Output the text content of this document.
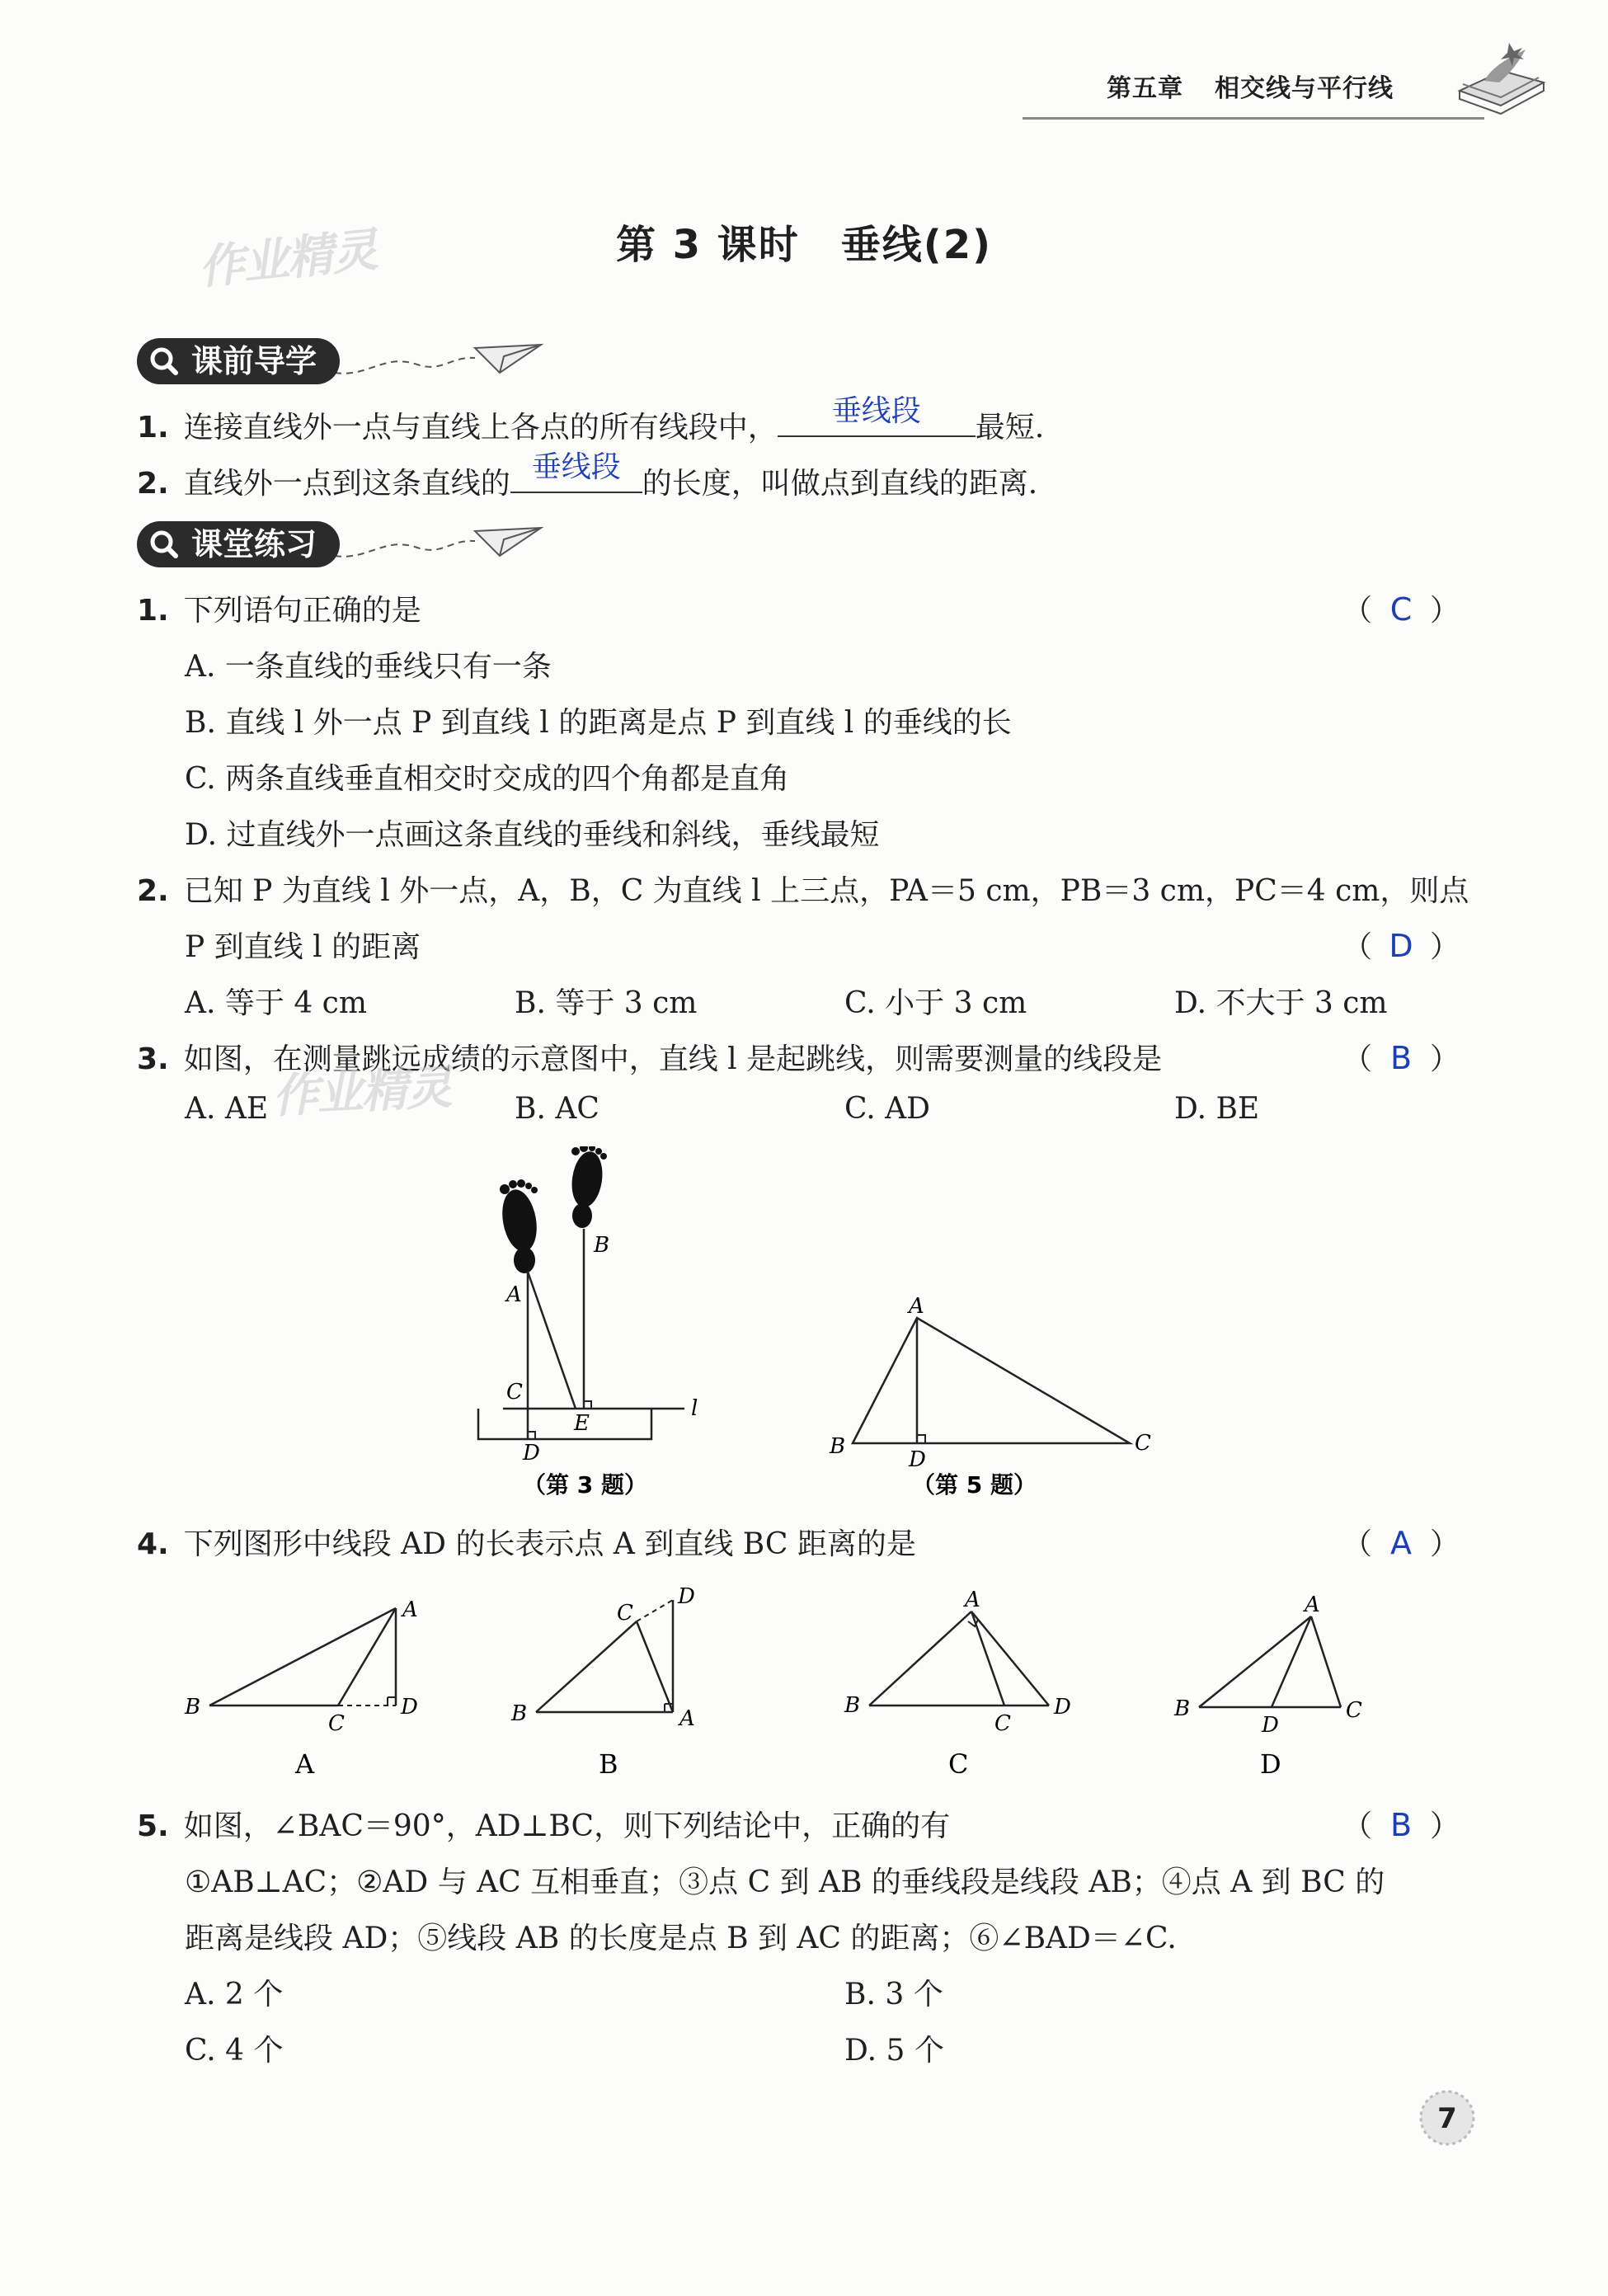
第五章 相交线与平行线
作业精灵	第 3 课时　垂线(2)
课前导学
1. 连接直线外一点与直线上各点的所有线段中，	垂线段	最短.
2. 直线外一点到这条直线的 垂线段 的长度，叫做点到直线的距离.
课堂练习
1. 下列语句正确的是	（ C ）
A. 一条直线的垂线只有一条
B. 直线 l 外一点 P 到直线 l 的距离是点 P 到直线 l 的垂线的长
C. 两条直线垂直相交时交成的四个角都是直角
D. 过直线外一点画这条直线的垂线和斜线，垂线最短
2. 已知 P 为直线 l 外一点，A，B，C 为直线 l 上三点，PA＝5 cm，PB＝3 cm，PC＝4 cm，则点
P 到直线 l 的距离	（ D ）
A. 等于 4 cm	B. 等于 3 cm	C. 小于 3 cm	D. 不大于 3 cm
3. 如图，在测量跳远成绩的示意图中，直线 l 是起跳线，则需要测量的线段是	（ B ）
A. AE	B. AC	C. AD	D. BE
作业精灵
A
B
C
D
E
l
（第 3 题）
A
B	C
D
（第 5 题）
4. 下列图形中线段 AD 的长表示点 A 到直线 BC 距离的是	（ A ）
A
B
C
D
A
C
D
B	A
B
A
B
C
D
C
A
B
D
C
D
5. 如图，∠BAC＝90°，AD⊥BC，则下列结论中，正确的有	（ B ）
①AB⊥AC；②AD 与 AC 互相垂直；③点 C 到 AB 的垂线段是线段 AB；④点 A 到 BC 的
距离是线段 AD；⑤线段 AB 的长度是点 B 到 AC 的距离；⑥∠BAD＝∠C.
A. 2 个	B. 3 个
C. 4 个	D. 5 个
7
